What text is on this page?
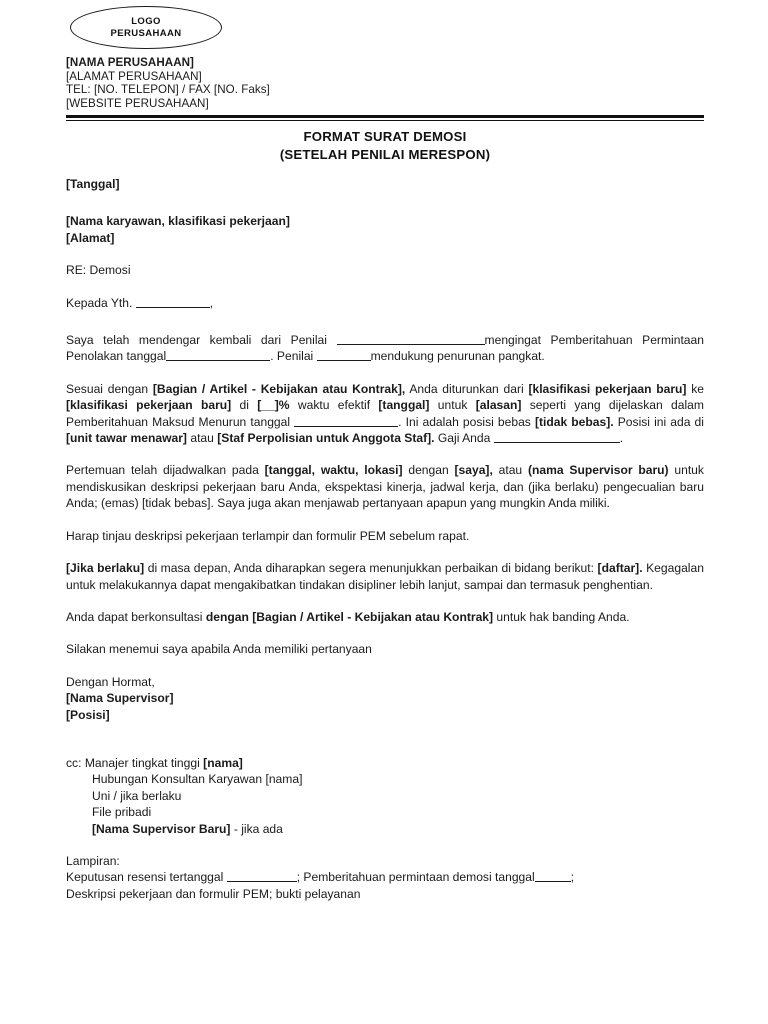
LOGO
PERUSAHAAN
[NAMA PERUSAHAAN]
[ALAMAT PERUSAHAAN]
TEL: [NO. TELEPON] / FAX [NO. Faks]
[WEBSITE PERUSAHAAN]
FORMAT SURAT DEMOSI
(SETELAH PENILAI MERESPON)
[Tanggal]
[Nama karyawan, klasifikasi pekerjaan]
[Alamat]
RE: Demosi
Kepada Yth.	,
Saya telah mendengar kembali dari Penilai	mengingat Pemberitahuan Permintaan Penolakan tanggal	. Penilai	mendukung penurunan pangkat.
Sesuai dengan [Bagian / Artikel - Kebijakan atau Kontrak], Anda diturunkan dari [klasifikasi pekerjaan baru] ke [klasifikasi pekerjaan baru] di [__]% waktu efektif [tanggal] untuk [alasan] seperti yang dijelaskan dalam Pemberitahuan Maksud Menurun tanggal	. Ini adalah posisi bebas [tidak bebas]. Posisi ini ada di [unit tawar menawar] atau [Staf Perpolisian untuk Anggota Staf]. Gaji Anda	.
Pertemuan telah dijadwalkan pada [tanggal, waktu, lokasi] dengan [saya], atau (nama Supervisor baru) untuk mendiskusikan deskripsi pekerjaan baru Anda, ekspektasi kinerja, jadwal kerja, dan (jika berlaku) pengecualian baru Anda; (emas) [tidak bebas]. Saya juga akan menjawab pertanyaan apapun yang mungkin Anda miliki.
Harap tinjau deskripsi pekerjaan terlampir dan formulir PEM sebelum rapat.
[Jika berlaku] di masa depan, Anda diharapkan segera menunjukkan perbaikan di bidang berikut: [daftar]. Kegagalan untuk melakukannya dapat mengakibatkan tindakan disipliner lebih lanjut, sampai dan termasuk penghentian.
Anda dapat berkonsultasi dengan [Bagian / Artikel - Kebijakan atau Kontrak] untuk hak banding Anda.
Silakan menemui saya apabila Anda memiliki pertanyaan
Dengan Hormat,
[Nama Supervisor]
[Posisi]
cc: Manajer tingkat tinggi [nama]
Hubungan Konsultan Karyawan [nama]
Uni / jika berlaku
File pribadi
[Nama Supervisor Baru] - jika ada
Lampiran:
Keputusan resensi tertanggal	; Pemberitahuan permintaan demosi tanggal	;
Deskripsi pekerjaan dan formulir PEM; bukti pelayanan
